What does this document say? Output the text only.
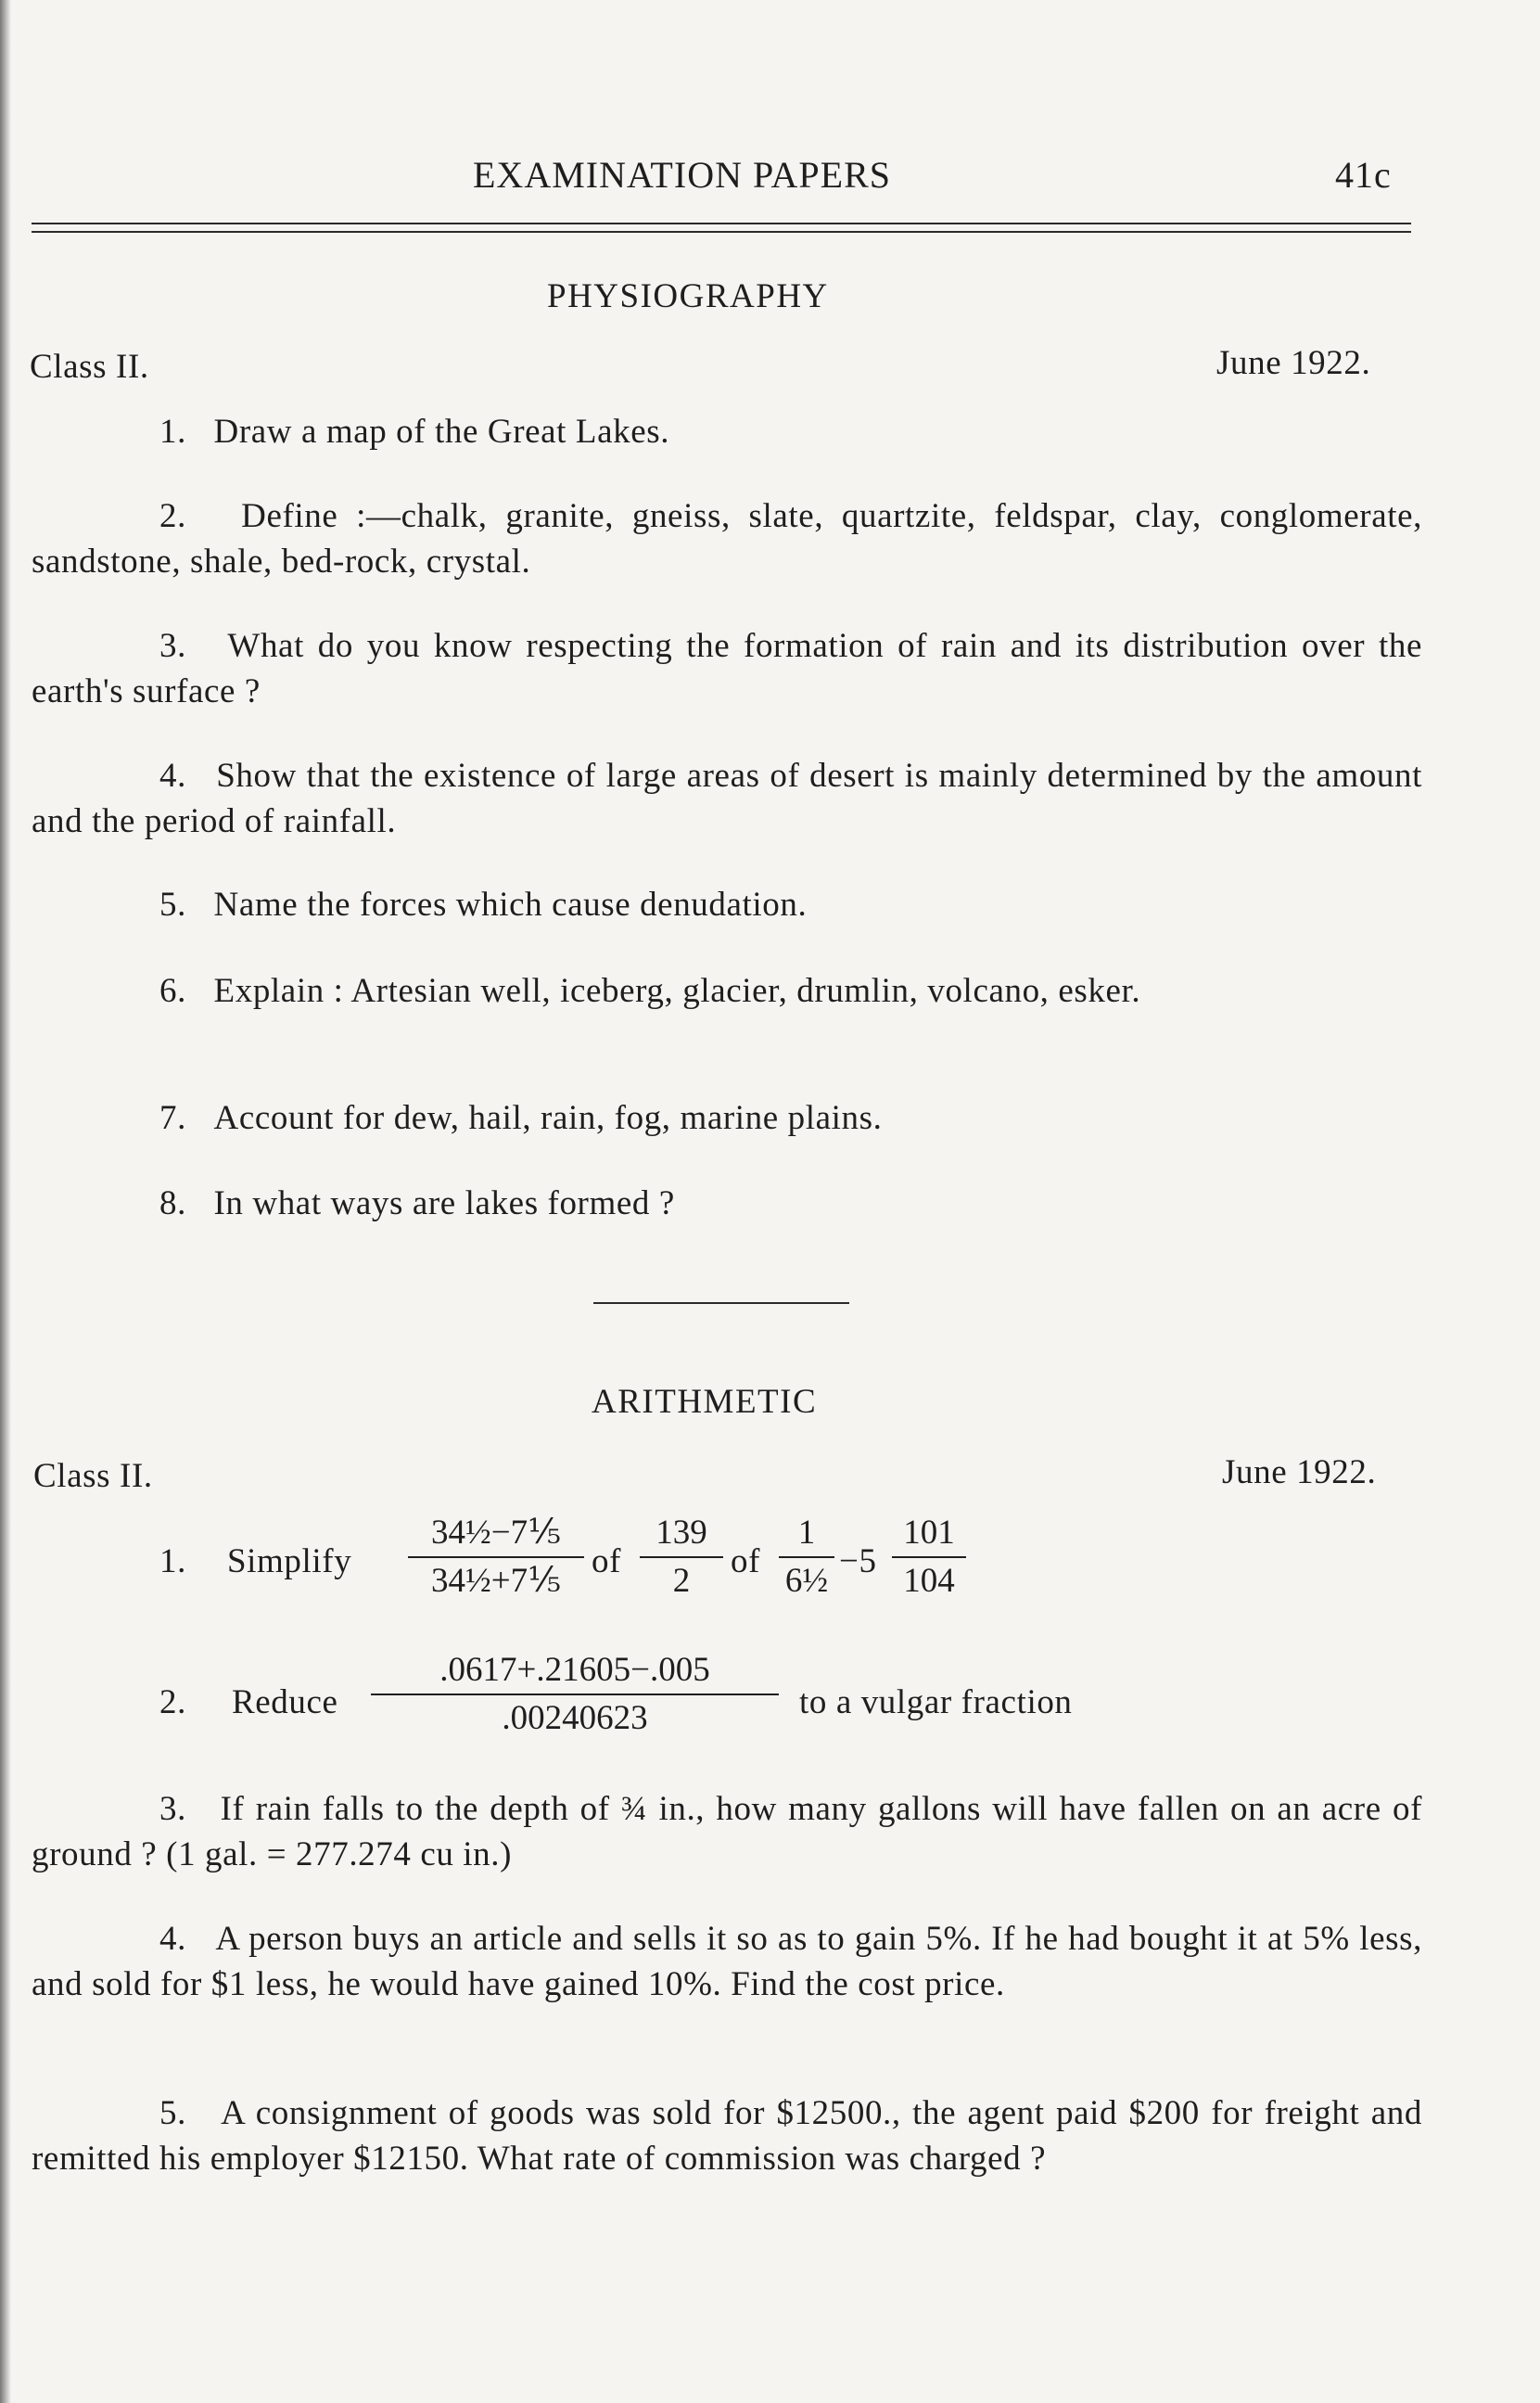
EXAMINATION PAPERS	41c
PHYSIOGRAPHY
Class II.	June 1922.
1. Draw a map of the Great Lakes.
2. Define :—chalk, granite, gneiss, slate, quartzite, feldspar, clay, conglomerate, sandstone, shale, bed-rock, crystal.
3. What do you know respecting the formation of rain and its distribution over the earth's surface ?
4. Show that the existence of large areas of desert is mainly determined by the amount and the period of rainfall.
5. Name the forces which cause denudation.
6. Explain : Artesian well, iceberg, glacier, drumlin, volcano, esker.
7. Account for dew, hail, rain, fog, marine plains.
8. In what ways are lakes formed ?
ARITHMETIC
Class II.	June 1922.
1. Simplify
34½−7⅕
34½+7⅕
of
139
2
of
1
6½
−5
101
104
2. Reduce
.0617+.21605−.005
.00240623	to a vulgar fraction
3. If rain falls to the depth of ¾ in., how many gallons will have fallen on an acre of ground ? (1 gal. = 277.274 cu in.)
4. A person buys an article and sells it so as to gain 5%. If he had bought it at 5% less, and sold for $1 less, he would have gained 10%. Find the cost price.
5. A consignment of goods was sold for $12500., the agent paid $200 for freight and remitted his employer $12150. What rate of commission was charged ?
